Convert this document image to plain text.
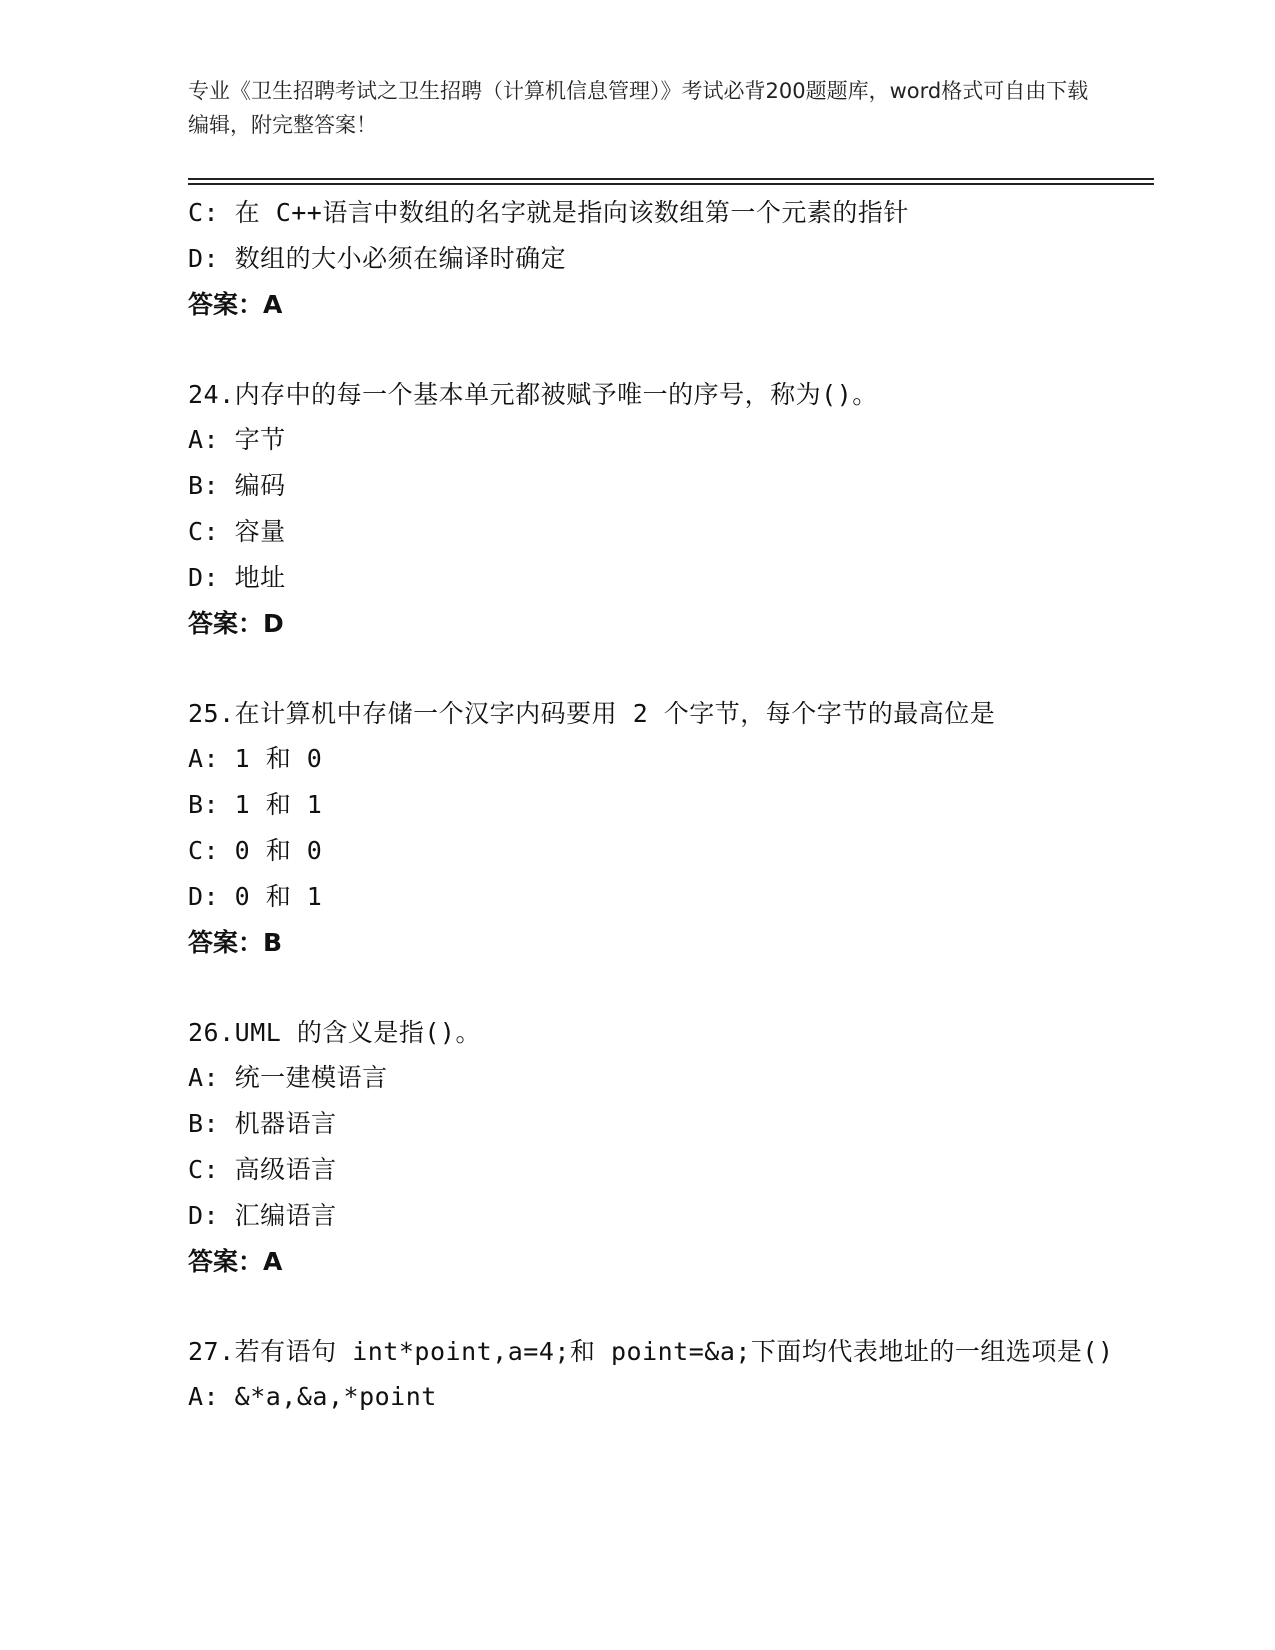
专业《卫生招聘考试之卫生招聘（计算机信息管理）》考试必背200题题库，word格式可自由下载编辑，附完整答案！
C: 在 C++语言中数组的名字就是指向该数组第一个元素的指针
D: 数组的大小必须在编译时确定
答案：A
24.内存中的每一个基本单元都被赋予唯一的序号，称为()。
A: 字节
B: 编码
C: 容量
D: 地址
答案：D
25.在计算机中存储一个汉字内码要用 2 个字节，每个字节的最高位是
A: 1 和 0
B: 1 和 1
C: 0 和 0
D: 0 和 1
答案：B
26.UML 的含义是指()。
A: 统一建模语言
B: 机器语言
C: 高级语言
D: 汇编语言
答案：A
27.若有语句 int*point,a=4;和 point=&a;下面均代表地址的一组选项是()
A: &*a,&a,*point
